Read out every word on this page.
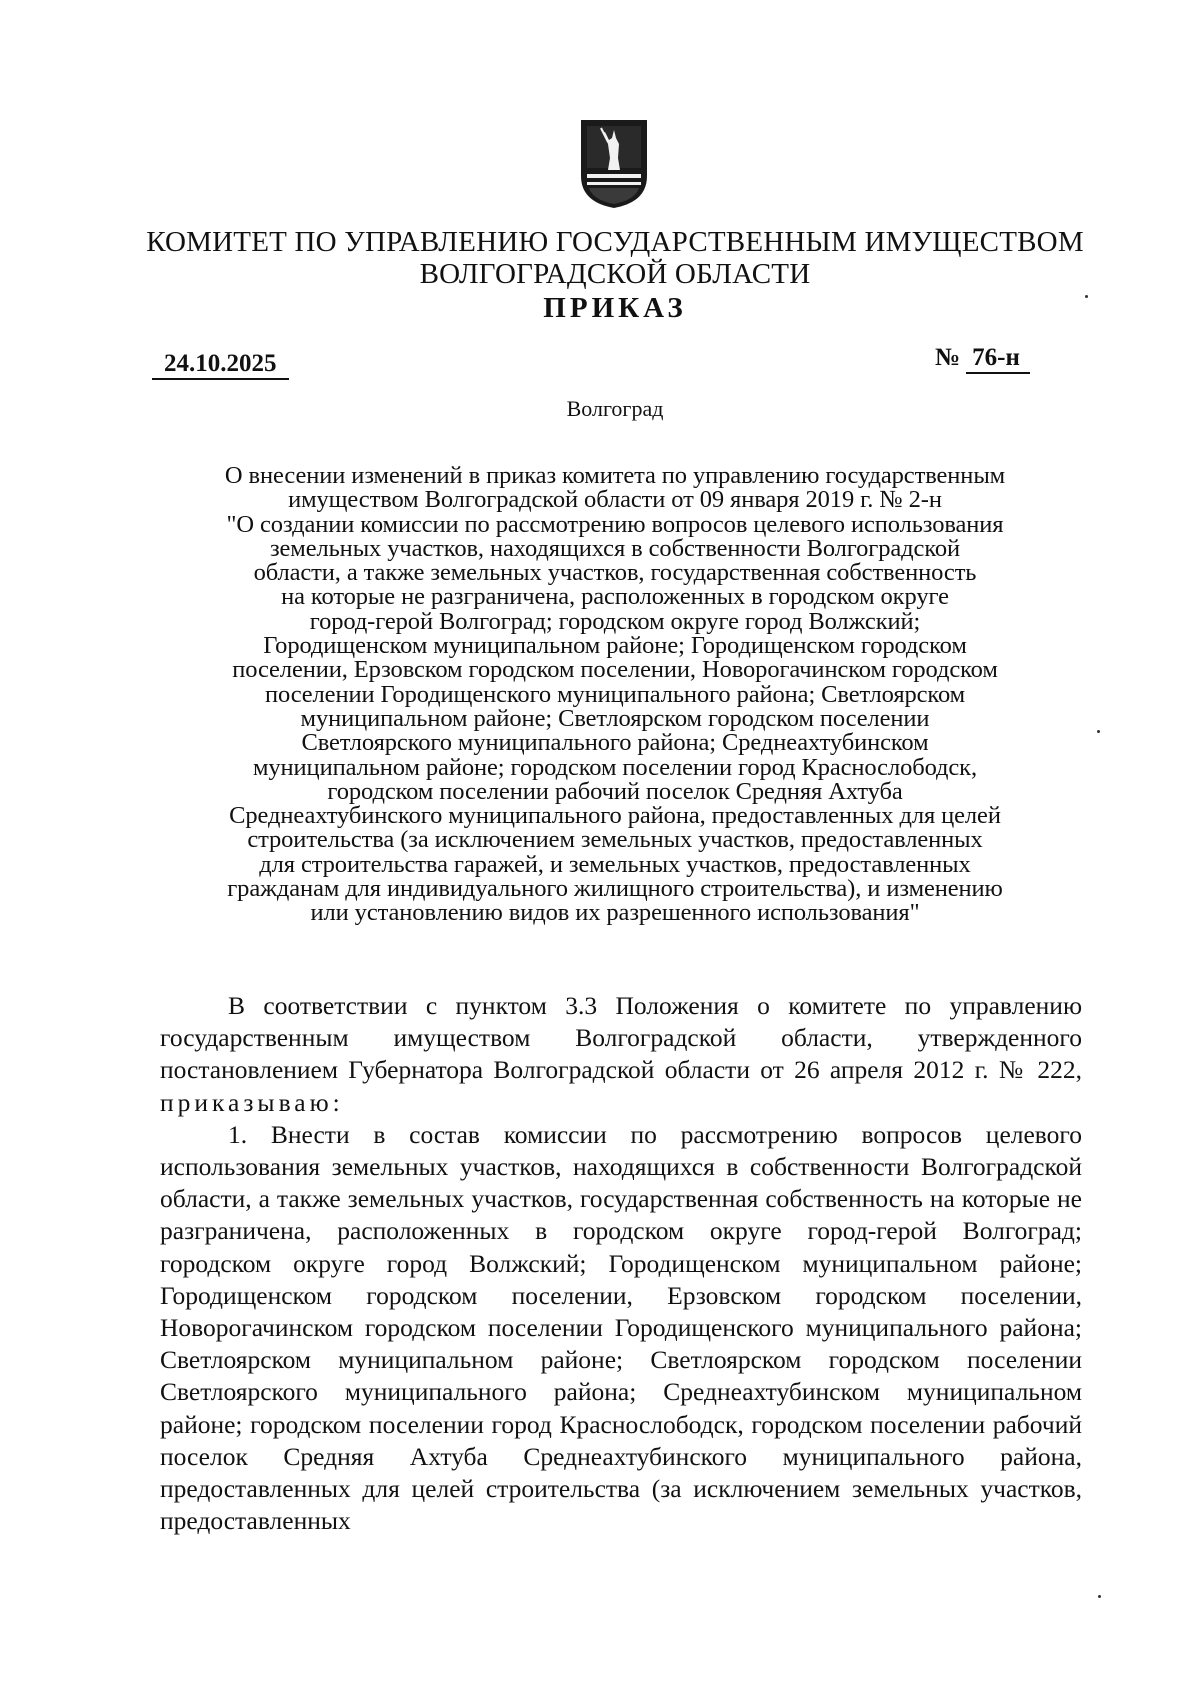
КОМИТЕТ ПО УПРАВЛЕНИЮ ГОСУДАРСТВЕННЫМ ИМУЩЕСТВОМ
ВОЛГОГРАДСКОЙ ОБЛАСТИ
ПРИКАЗ
24.10.2025	№ 76-н
Волгоград

О внесении изменений в приказ комитета по управлению государственным

имуществом Волгоградской области от 09 января 2019 г. № 2-н

"О создании комиссии по рассмотрению вопросов целевого использования

земельных участков, находящихся в собственности Волгоградской

области, а также земельных участков, государственная собственность

на которые не разграничена, расположенных в городском округе

город-герой Волгоград; городском округе город Волжский;

Городищенском муниципальном районе; Городищенском городском

поселении, Ерзовском городском поселении, Новорогачинском городском

поселении Городищенского муниципального района; Светлоярском

муниципальном районе; Светлоярском городском поселении

Светлоярского муниципального района; Среднеахтубинском

муниципальном районе; городском поселении город Краснослободск,

городском поселении рабочий поселок Средняя Ахтуба

Среднеахтубинского муниципального района, предоставленных для целей

строительства (за исключением земельных участков, предоставленных

для строительства гаражей, и земельных участков, предоставленных

гражданам для индивидуального жилищного строительства), и изменению

или установлению видов их разрешенного использования"

В соответствии с пунктом 3.3 Положения о комитете по управлению государственным имуществом Волгоградской области, утвержденного постановлением Губернатора Волгоградской области от 26 апреля 2012 г. № 222, приказываю:

1. Внести в состав комиссии по рассмотрению вопросов целевого использования земельных участков, находящихся в собственности Волгоградской области, а также земельных участков, государственная собственность на которые не разграничена, расположенных в городском округе город-герой Волгоград; городском округе город Волжский; Городищенском муниципальном районе; Городищенском городском поселении, Ерзовском городском поселении, Новорогачинском городском поселении Городищенского муниципального района; Светлоярском муниципальном районе; Светлоярском городском поселении Светлоярского муниципального района; Среднеахтубинском муниципальном районе; городском поселении город Краснослободск, городском поселении рабочий поселок Средняя Ахтуба Среднеахтубинского муниципального района, предоставленных для целей строительства (за исключением земельных участков, предоставленных
